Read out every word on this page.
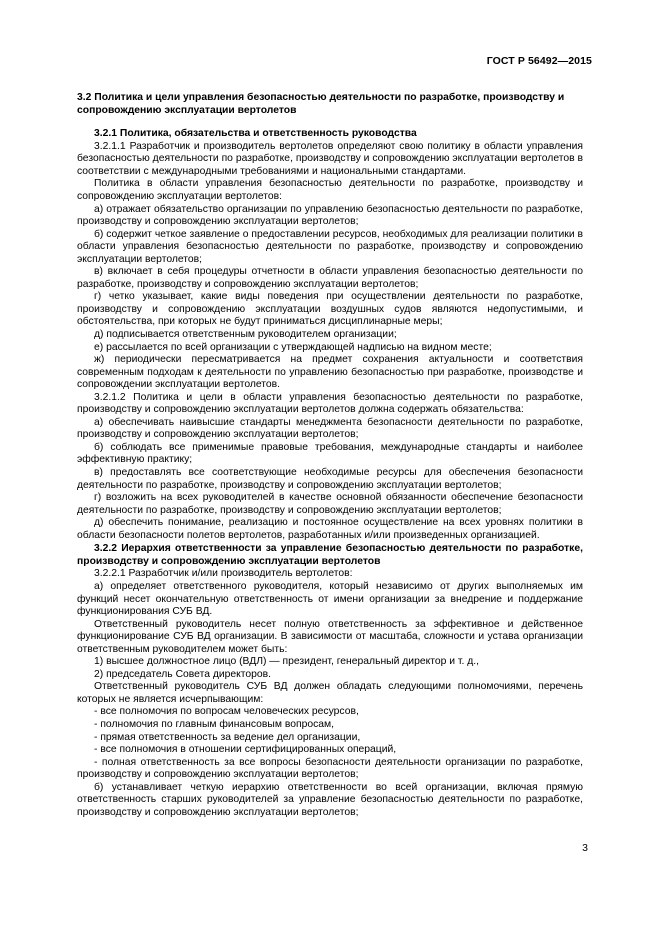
ГОСТ Р 56492—2015
3.2 Политика и цели управления безопасностью деятельности по разработке, производству и сопровождению эксплуатации вертолетов
3.2.1 Политика, обязательства и ответственность руководства

3.2.1.1 Разработчик и производитель вертолетов определяют свою политику в области управления безопасностью деятельности по разработке, производству и сопровождению эксплуатации вертолетов в соответствии с международными требованиями и национальными стандартами.

Политика в области управления безопасностью деятельности по разработке, производству и сопровождению эксплуатации вертолетов:

а) отражает обязательство организации по управлению безопасностью деятельности по разработке, производству и сопровождению эксплуатации вертолетов;

б) содержит четкое заявление о предоставлении ресурсов, необходимых для реализации политики в области управления безопасностью деятельности по разработке, производству и сопровождению эксплуатации вертолетов;

в) включает в себя процедуры отчетности в области управления безопасностью деятельности по разработке, производству и сопровождению эксплуатации вертолетов;

г) четко указывает, какие виды поведения при осуществлении деятельности по разработке, производству и сопровождению эксплуатации воздушных судов являются недопустимыми, и обстоятельства, при которых не будут приниматься дисциплинарные меры;

д) подписывается ответственным руководителем организации;

е) рассылается по всей организации с утверждающей надписью на видном месте;

ж) периодически пересматривается на предмет сохранения актуальности и соответствия современным подходам к деятельности по управлению безопасностью при разработке, производстве и сопровождении эксплуатации вертолетов.

3.2.1.2 Политика и цели в области управления безопасностью деятельности по разработке, производству и сопровождению эксплуатации вертолетов должна содержать обязательства:

а) обеспечивать наивысшие стандарты менеджмента безопасности деятельности по разработке, производству и сопровождению эксплуатации вертолетов;

б) соблюдать все применимые правовые требования, международные стандарты и наиболее эффективную практику;

в) предоставлять все соответствующие необходимые ресурсы для обеспечения безопасности деятельности по разработке, производству и сопровождению эксплуатации вертолетов;

г) возложить на всех руководителей в качестве основной обязанности обеспечение безопасности деятельности по разработке, производству и сопровождению эксплуатации вертолетов;

д) обеспечить понимание, реализацию и постоянное осуществление на всех уровнях политики в области безопасности полетов вертолетов, разработанных и/или произведенных организацией.

3.2.2 Иерархия ответственности за управление безопасностью деятельности по разработке, производству и сопровождению эксплуатации вертолетов

3.2.2.1 Разработчик и/или производитель вертолетов:

а) определяет ответственного руководителя, который независимо от других выполняемых им функций несет окончательную ответственность от имени организации за внедрение и поддержание функционирования СУБ ВД.

Ответственный руководитель несет полную ответственность за эффективное и действенное функционирование СУБ ВД организации. В зависимости от масштаба, сложности и устава организации ответственным руководителем может быть:

1) высшее должностное лицо (ВДЛ) — президент, генеральный директор и т. д.,

2) председатель Совета директоров.

Ответственный руководитель СУБ ВД должен обладать следующими полномочиями, перечень которых не является исчерпывающим:

- все полномочия по вопросам человеческих ресурсов,

- полномочия по главным финансовым вопросам,

- прямая ответственность за ведение дел организации,

- все полномочия в отношении сертифицированных операций,

- полная ответственность за все вопросы безопасности деятельности организации по разработке, производству и сопровождению эксплуатации вертолетов;

б) устанавливает четкую иерархию ответственности во всей организации, включая прямую ответственность старших руководителей за управление безопасностью деятельности по разработке, производству и сопровождению эксплуатации вертолетов;

3
